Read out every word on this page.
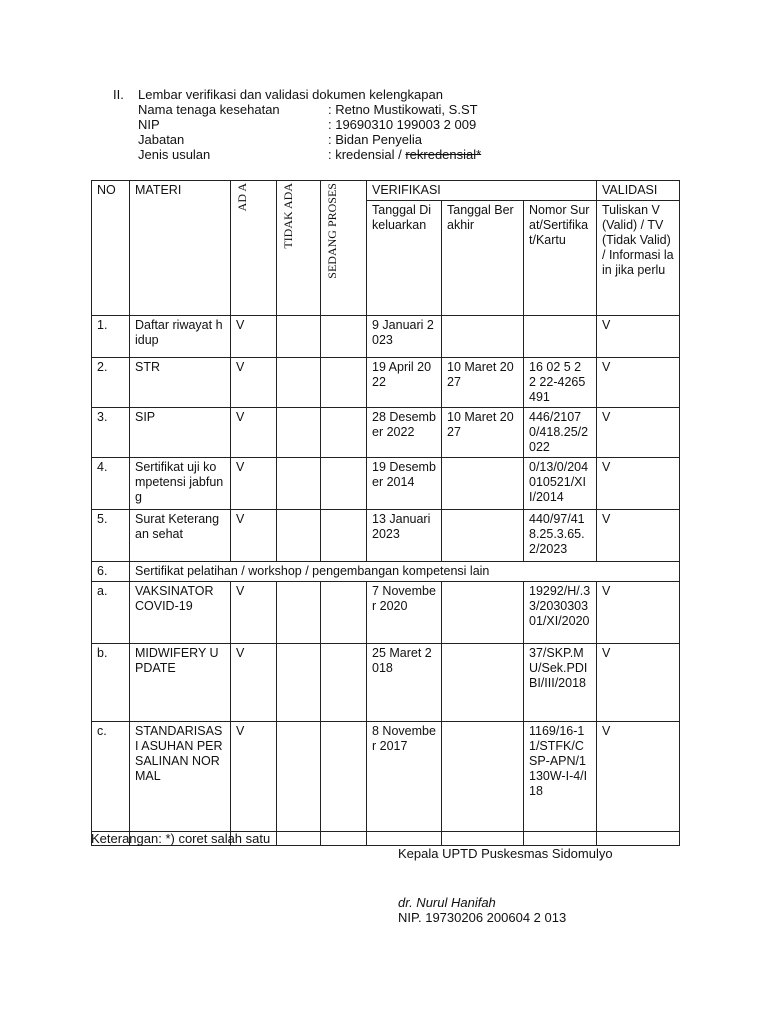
II.	Lembar verifikasi dan validasi dokumen kelengkapan
Nama tenaga kesehatan	: Retno Mustikowati, S.ST
NIP	: 19690310 199003 2 009
Jabatan	: Bidan Penyelia
Jenis usulan	: kredensial / rekredensial*
NO	MATERI	AD A	TIDAK ADA	SEDANG PROSES	VERIFIKASI			VALIDASI
					Tanggal Dikeluarkan	Tanggal Berakhir	Nomor Surat/Sertifikat/Kartu	Tuliskan V (Valid) / TV (Tidak Valid) / Informasi lain jika perlu
1.	Daftar riwayat hidup	V			9 Januari 2023			V
2.	STR	V			19 April 2022	10 Maret 2027	16 02 5 2 2 22-4265491	V
3.	SIP	V			28 Desember 2022	10 Maret 2027	446/21070/418.25/2022	V
4.	Sertifikat uji kompetensi jabfung	V			19 Desember 2014		0/13/0/204010521/XII/2014	V
5.	Surat Keterangan sehat	V			13 Januari 2023		440/97/418.25.3.65.2/2023	V
6.	Sertifikat pelatihan / workshop / pengembangan kompetensi lain							
a.	VAKSINATOR COVID-19	V			7 November 2020		19292/H/.33/203030301/XI/2020	V
b.	MIDWIFERY UPDATE	V			25 Maret 2018		37/SKP.MU/Sek.PDIBI/III/2018	V
c.	STANDARISASI ASUHAN PERSALINAN NORMAL	V			8 November 2017		1169/16-11/STFK/CSP-APN/1130W-I-4/I18	V

Keterangan: *) coret salah satu
Kepala UPTD Puskesmas Sidomulyo
dr. Nurul Hanifah
NIP. 19730206 200604 2 013
